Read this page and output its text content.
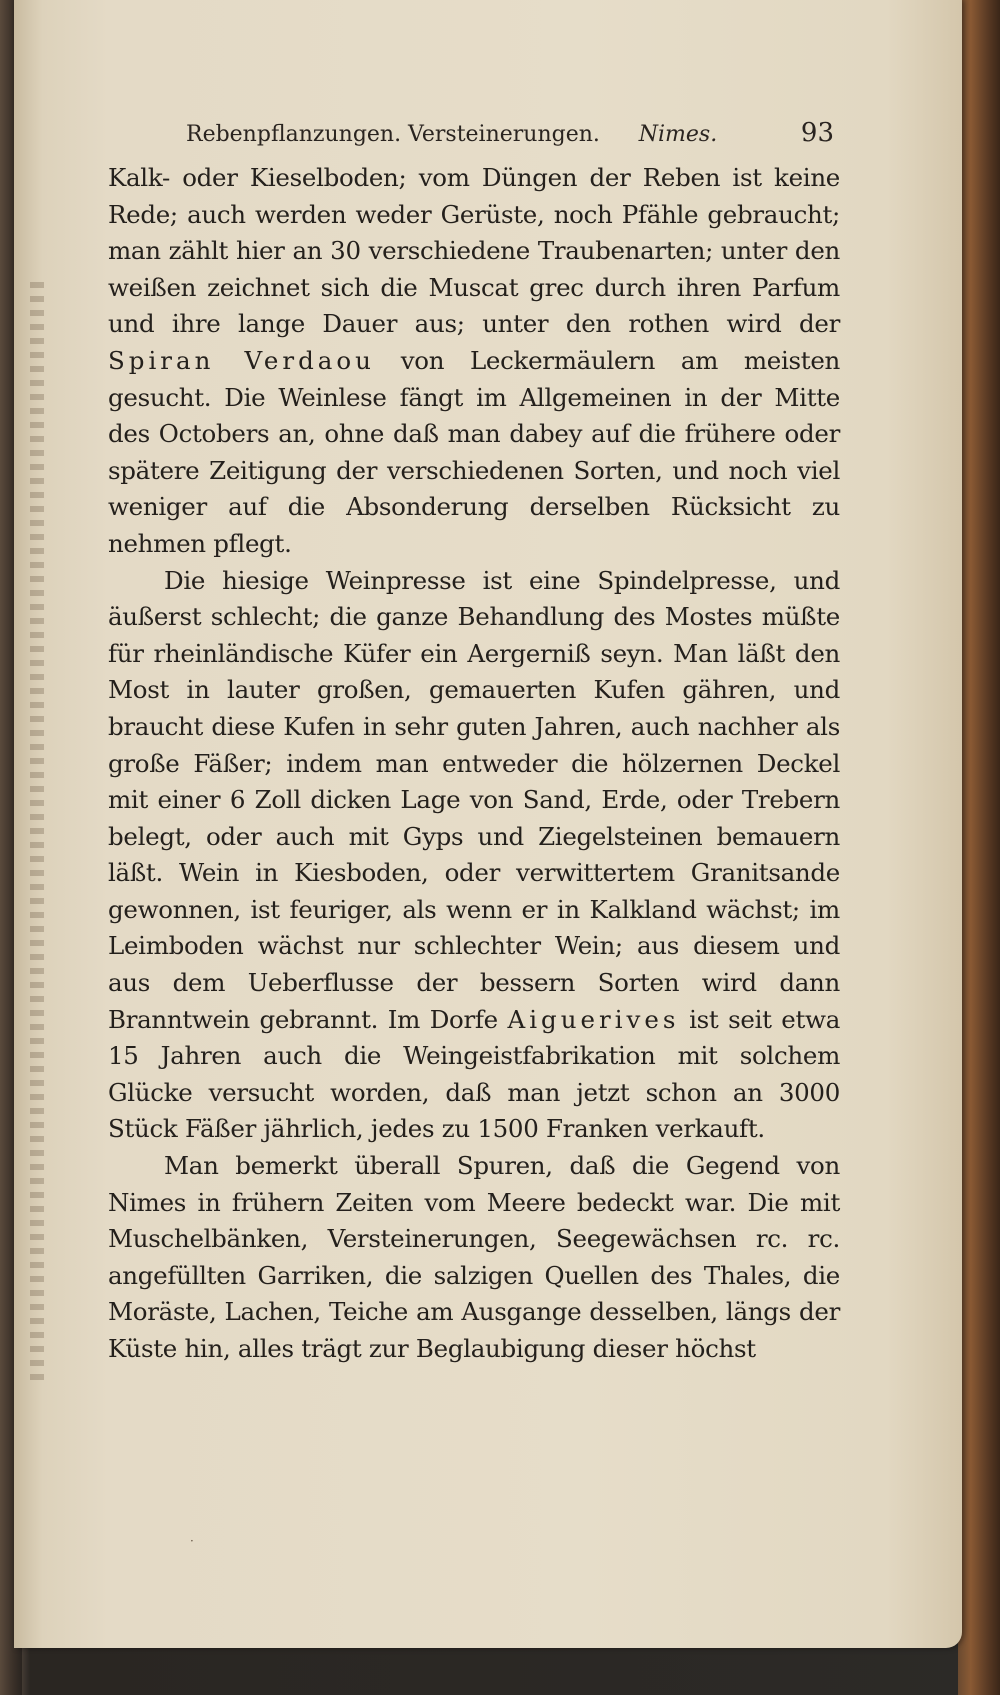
Rebenpflanzungen. Versteinerungen.	Nimes.	93

Kalk- oder Kieselboden; vom Düngen der Reben ist keine Rede; auch werden weder Gerüste, noch Pfähle gebraucht; man zählt hier an 30 verschiedene Traubenarten; unter den weißen zeichnet sich die Muscat grec durch ihren Parfum und ihre lange Dauer aus; unter den rothen wird der Spiran Verdaou von Leckermäulern am meisten gesucht. Die Weinlese fängt im Allgemeinen in der Mitte des Octobers an, ohne daß man dabey auf die frühere oder spätere Zeitigung der verschiedenen Sorten, und noch viel weniger auf die Absonderung derselben Rücksicht zu nehmen pflegt.

Die hiesige Weinpresse ist eine Spindelpresse, und äußerst schlecht; die ganze Behandlung des Mostes müßte für rheinländische Küfer ein Aergerniß seyn. Man läßt den Most in lauter großen, gemauerten Kufen gähren, und braucht diese Kufen in sehr guten Jahren, auch nachher als große Fäßer; indem man entweder die hölzernen Deckel mit einer 6 Zoll dicken Lage von Sand, Erde, oder Trebern belegt, oder auch mit Gyps und Ziegelsteinen bemauern läßt. Wein in Kiesboden, oder verwittertem Granitsande gewonnen, ist feuriger, als wenn er in Kalkland wächst; im Leimboden wächst nur schlechter Wein; aus diesem und aus dem Ueberflusse der bessern Sorten wird dann Branntwein gebrannt. Im Dorfe Aiguerives ist seit etwa 15 Jahren auch die Weingeistfabrikation mit solchem Glücke versucht worden, daß man jetzt schon an 3000 Stück Fäßer jährlich, jedes zu 1500 Franken verkauft.

Man bemerkt überall Spuren, daß die Gegend von Nimes in frühern Zeiten vom Meere bedeckt war. Die mit Muschelbänken, Versteinerungen, Seegewächsen rc. rc. angefüllten Garriken, die salzigen Quellen des Thales, die Moräste, Lachen, Teiche am Ausgange desselben, längs der Küste hin, alles trägt zur Beglaubigung dieser höchst

·
